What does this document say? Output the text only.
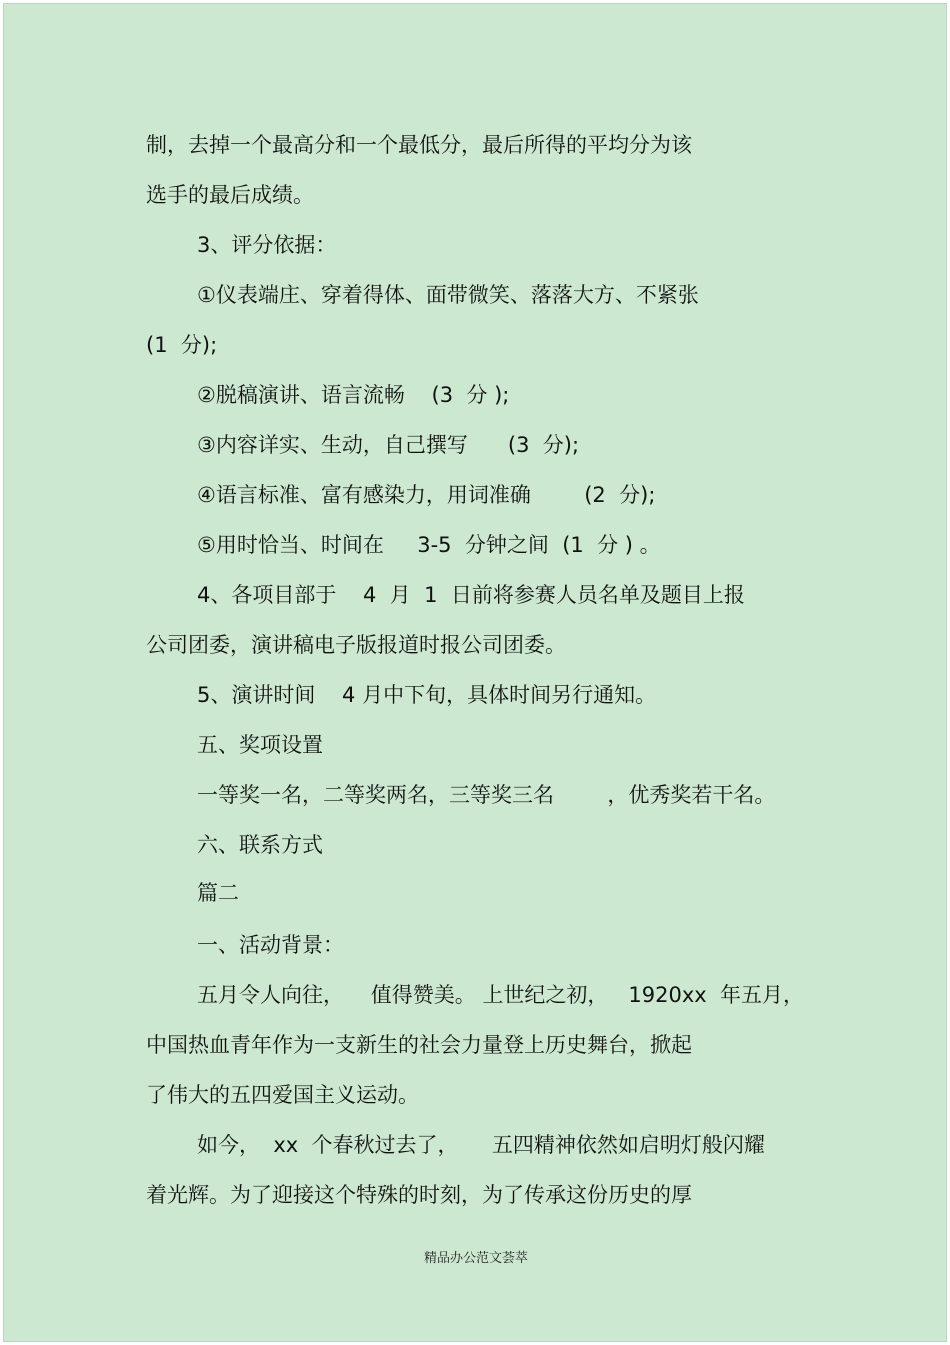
制，去掉一个最高分和一个最低分，最后所得的平均分为该
选手的最后成绩。
3、评分依据：
①仪表端庄、穿着得体、面带微笑、落落大方、不紧张
(1  分);
②脱稿演讲、语言流畅    (3  分 );
③内容详实、生动，自己撰写      (3  分);
④语言标准、富有感染力，用词准确        (2  分);
⑤用时恰当、时间在     3-5  分钟之间  (1  分 ) 。
4、各项目部于    4  月  1  日前将参赛人员名单及题目上报
公司团委，演讲稿电子版报道时报公司团委。
5、演讲时间    4 月中下旬，具体时间另行通知。
五、奖项设置
一等奖一名，二等奖两名，三等奖三名        ，优秀奖若干名。
六、联系方式
篇二
一、活动背景：
五月令人向往，    值得赞美。 上世纪之初，   1920xx  年五月，
中国热血青年作为一支新生的社会力量登上历史舞台，掀起
了伟大的五四爱国主义运动。
如今，  xx  个春秋过去了，     五四精神依然如启明灯般闪耀
着光辉。为了迎接这个特殊的时刻，为了传承这份历史的厚
精品办公范文荟萃
